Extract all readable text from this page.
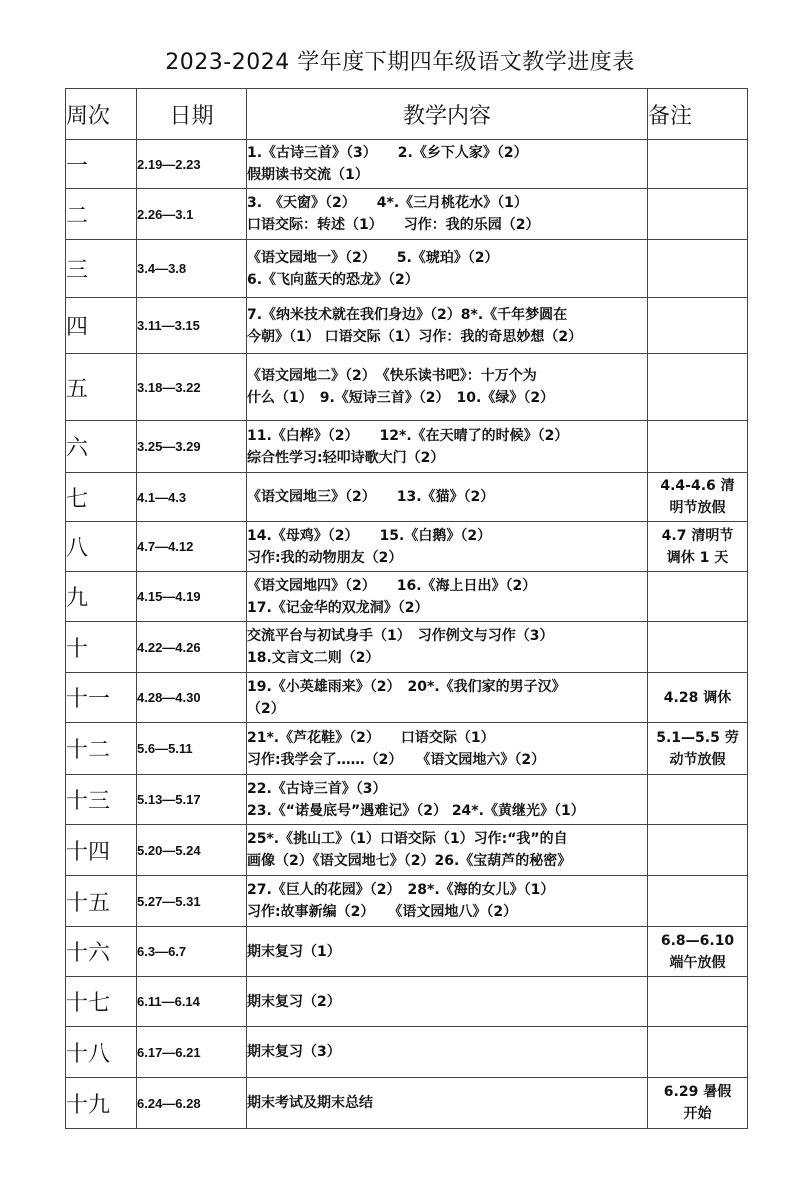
2023-2024 学年度下期四年级语文教学进度表
周次	日期	教学内容	备注
一	2.19—2.23	1.《古诗三首》（3）　　2.《乡下人家》（2）
假期读书交流（1）	

二	2.26—3.1	3.　《天窗》（2）　　4*.《三月桃花水》（1）
口语交际：转述（1）　　习作：我的乐园（2）	

三	3.4—3.8	《语文园地一》（2）　　5.《琥珀》（2）
6.《飞向蓝天的恐龙》（2）	

四	3.11—3.15	7.《纳米技术就在我们身边》（2）8*.《千年梦圆在
今朝》（1） 口语交际（1）习作：我的奇思妙想（2）	

五	3.18—3.22	《语文园地二》（2）　《快乐读书吧》：十万个为
什么（1）　9.《短诗三首》（2）　10.《绿》（2）	

六	3.25—3.29	11.《白桦》（2）　　12*.《在天晴了的时候》（2）
综合性学习:轻叩诗歌大门（2）	

七	4.1—4.3	《语文园地三》（2）　　13.《猫》（2）	4.4-4.6 清
明节放假

八	4.7—4.12	14.《母鸡》（2）　　15.《白鹅》（2）
习作:我的动物朋友（2）	4.7 清明节
调休 1 天

九	4.15—4.19	《语文园地四》（2）　　16.《海上日出》（2）
17.《记金华的双龙洞》（2）	

十	4.22—4.26	交流平台与初试身手（1）　习作例文与习作（3）
18.文言文二则（2）	

十一	4.28—4.30	19.《小英雄雨来》（2）　20*.《我们家的男子汉》
（2）	4.28 调休

十二	5.6—5.11	21*.《芦花鞋》（2）　　口语交际（1）
习作:我学会了……（2）　　《语文园地六》（2）	5.1—5.5 劳
动节放假

十三	5.13—5.17	22.《古诗三首》（3）
23.《“诺曼底号”遇难记》（2） 24*.《黄继光》（1）	

十四	5.20—5.24	25*.《挑山工》（1）口语交际（1）习作:“我”的自
画像（2）《语文园地七》（2）26.《宝葫芦的秘密》	

十五	5.27—5.31	27.《巨人的花园》（2）　28*.《海的女儿》（1）
习作:故事新编（2）　　《语文园地八》（2）	

十六	6.3—6.7	期末复习（1）	6.8—6.10
端午放假

十七	6.11—6.14	期末复习（2）	

十八	6.17—6.21	期末复习（3）	

十九	6.24—6.28	期末考试及期末总结	6.29 暑假
开始
